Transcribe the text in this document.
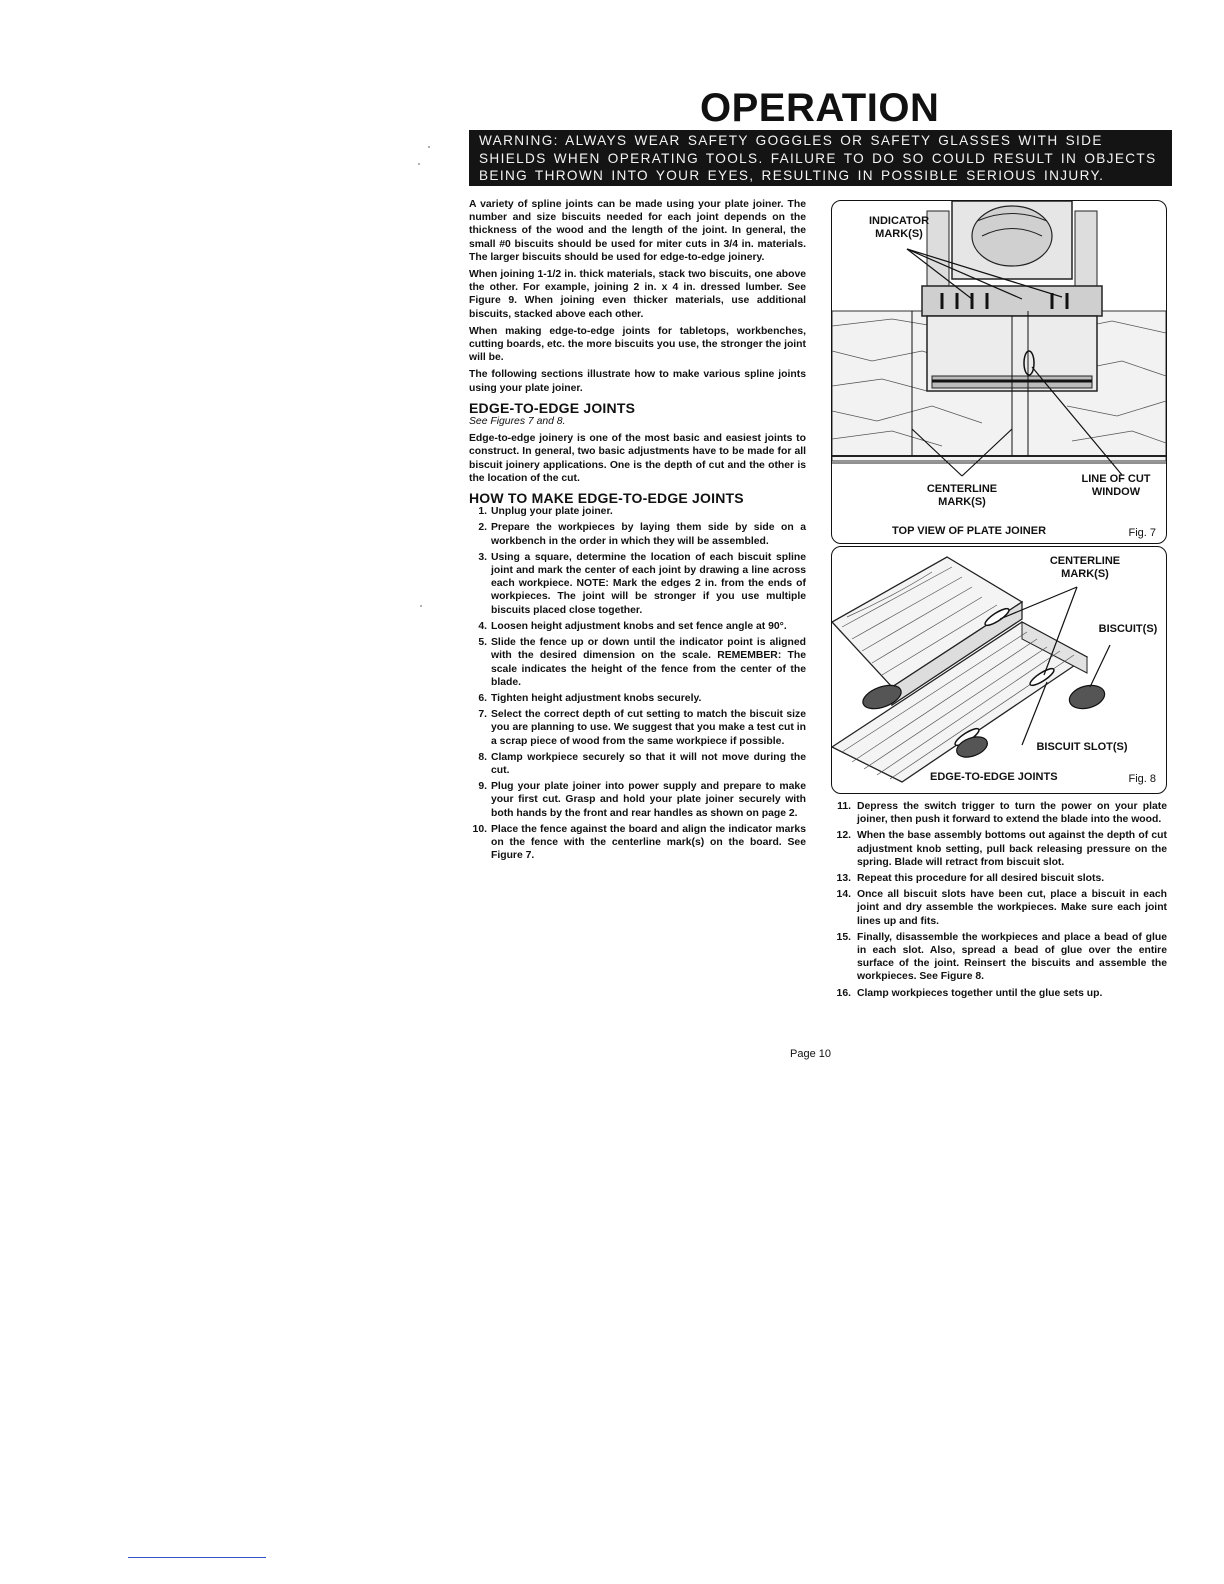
OPERATION
WARNING: ALWAYS WEAR SAFETY GOGGLES OR SAFETY GLASSES WITH SIDE SHIELDS WHEN OPERATING TOOLS. FAILURE TO DO SO COULD RESULT IN OBJECTS BEING THROWN INTO YOUR EYES, RESULTING IN POSSIBLE SERIOUS INJURY.

A variety of spline joints can be made using your plate joiner. The number and size biscuits needed for each joint depends on the thickness of the wood and the length of the joint. In general, the small #0 biscuits should be used for miter cuts in 3/4 in. materials. The larger biscuits should be used for edge-to-edge joinery.

When joining 1-1/2 in. thick materials, stack two biscuits, one above the other. For example, joining 2 in. x 4 in. dressed lumber. See Figure 9. When joining even thicker materials, use additional biscuits, stacked above each other.

When making edge-to-edge joints for tabletops, workbenches, cutting boards, etc. the more biscuits you use, the stronger the joint will be.

The following sections illustrate how to make various spline joints using your plate joiner.

EDGE-TO-EDGE JOINTS

See Figures 7 and 8.

Edge-to-edge joinery is one of the most basic and easiest joints to construct. In general, two basic adjustments have to be made for all biscuit joinery applications. One is the depth of cut and the other is the location of the cut.

HOW TO MAKE EDGE-TO-EDGE JOINTS
1. Unplug your plate joiner.
2. Prepare the workpieces by laying them side by side on a workbench in the order in which they will be assembled.
3. Using a square, determine the location of each biscuit spline joint and mark the center of each joint by drawing a line across each workpiece. NOTE: Mark the edges 2 in. from the ends of workpieces. The joint will be stronger if you use multiple biscuits placed close together.
4. Loosen height adjustment knobs and set fence angle at 90°.
5. Slide the fence up or down until the indicator point is aligned with the desired dimension on the scale. REMEMBER: The scale indicates the height of the fence from the center of the blade.
6. Tighten height adjustment knobs securely.
7. Select the correct depth of cut setting to match the biscuit size you are planning to use. We suggest that you make a test cut in a scrap piece of wood from the same workpiece if possible.
8. Clamp workpiece securely so that it will not move during the cut.
9. Plug your plate joiner into power supply and prepare to make your first cut. Grasp and hold your plate joiner securely with both hands by the front and rear handles as shown on page 2.
10. Place the fence against the board and align the indicator marks on the fence with the centerline mark(s) on the board. See Figure 7.
INDICATOR MARK(S)
CENTERLINE MARK(S)
LINE OF CUT WINDOW
TOP VIEW OF PLATE JOINER	Fig. 7
CENTERLINE MARK(S)
BISCUIT(S)
BISCUIT SLOT(S)
EDGE-TO-EDGE JOINTS	Fig. 8
11. Depress the switch trigger to turn the power on your plate joiner, then push it forward to extend the blade into the wood.
12. When the base assembly bottoms out against the depth of cut adjustment knob setting, pull back releasing pressure on the spring. Blade will retract from biscuit slot.
13. Repeat this procedure for all desired biscuit slots.
14. Once all biscuit slots have been cut, place a biscuit in each joint and dry assemble the workpieces. Make sure each joint lines up and fits.
15. Finally, disassemble the workpieces and place a bead of glue in each slot. Also, spread a bead of glue over the entire surface of the joint. Reinsert the biscuits and assemble the workpieces. See Figure 8.
16. Clamp workpieces together until the glue sets up.
Page 10
